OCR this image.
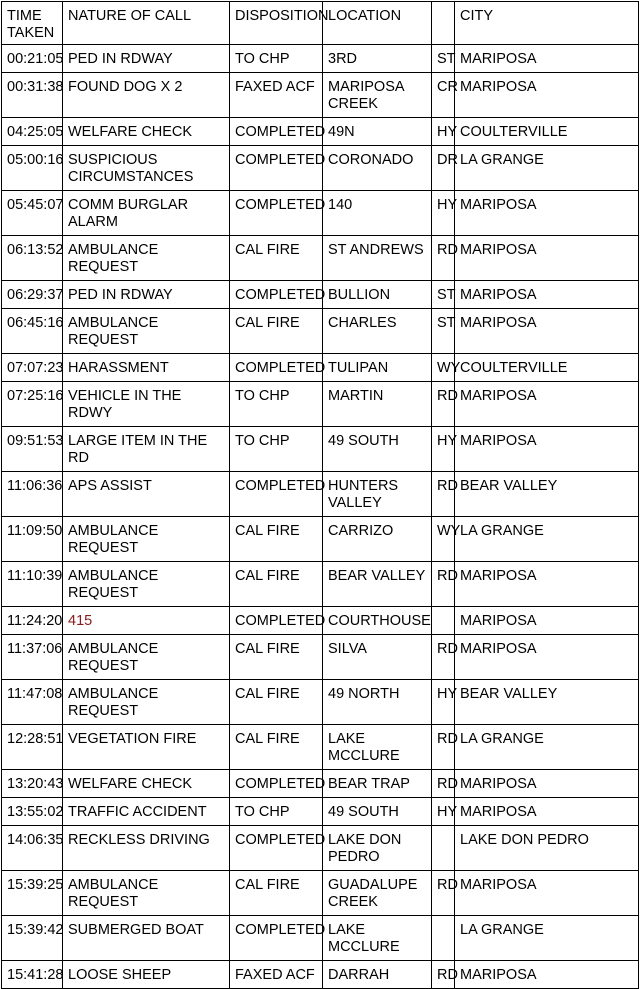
TIME TAKEN	NATURE OF CALL	DISPOSITION	LOCATION		CITY
00:21:05	PED IN RDWAY	TO CHP	3RD	ST	MARIPOSA
00:31:38	FOUND DOG X 2	FAXED ACF	MARIPOSA CREEK	CR	MARIPOSA
04:25:05	WELFARE CHECK	COMPLETED	49N	HY	COULTERVILLE
05:00:16	SUSPICIOUS CIRCUMSTANCES	COMPLETED	CORONADO	DR	LA GRANGE
05:45:07	COMM BURGLAR ALARM	COMPLETED	140	HY	MARIPOSA
06:13:52	AMBULANCE REQUEST	CAL FIRE	ST ANDREWS	RD	MARIPOSA
06:29:37	PED IN RDWAY	COMPLETED	BULLION	ST	MARIPOSA
06:45:16	AMBULANCE REQUEST	CAL FIRE	CHARLES	ST	MARIPOSA
07:07:23	HARASSMENT	COMPLETED	TULIPAN	WY	COULTERVILLE
07:25:16	VEHICLE IN THE RDWY	TO CHP	MARTIN	RD	MARIPOSA
09:51:53	LARGE ITEM IN THE RD	TO CHP	49 SOUTH	HY	MARIPOSA
11:06:36	APS ASSIST	COMPLETED	HUNTERS VALLEY	RD	BEAR VALLEY
11:09:50	AMBULANCE REQUEST	CAL FIRE	CARRIZO	WY	LA GRANGE
11:10:39	AMBULANCE REQUEST	CAL FIRE	BEAR VALLEY	RD	MARIPOSA
11:24:20	415	COMPLETED	COURTHOUSE		MARIPOSA
11:37:06	AMBULANCE REQUEST	CAL FIRE	SILVA	RD	MARIPOSA
11:47:08	AMBULANCE REQUEST	CAL FIRE	49 NORTH	HY	BEAR VALLEY
12:28:51	VEGETATION FIRE	CAL FIRE	LAKE MCCLURE	RD	LA GRANGE
13:20:43	WELFARE CHECK	COMPLETED	BEAR TRAP	RD	MARIPOSA
13:55:02	TRAFFIC ACCIDENT	TO CHP	49 SOUTH	HY	MARIPOSA
14:06:35	RECKLESS DRIVING	COMPLETED	LAKE DON PEDRO		LAKE DON PEDRO
15:39:25	AMBULANCE REQUEST	CAL FIRE	GUADALUPE CREEK	RD	MARIPOSA
15:39:42	SUBMERGED BOAT	COMPLETED	LAKE MCCLURE		LA GRANGE
15:41:28	LOOSE SHEEP	FAXED ACF	DARRAH	RD	MARIPOSA
